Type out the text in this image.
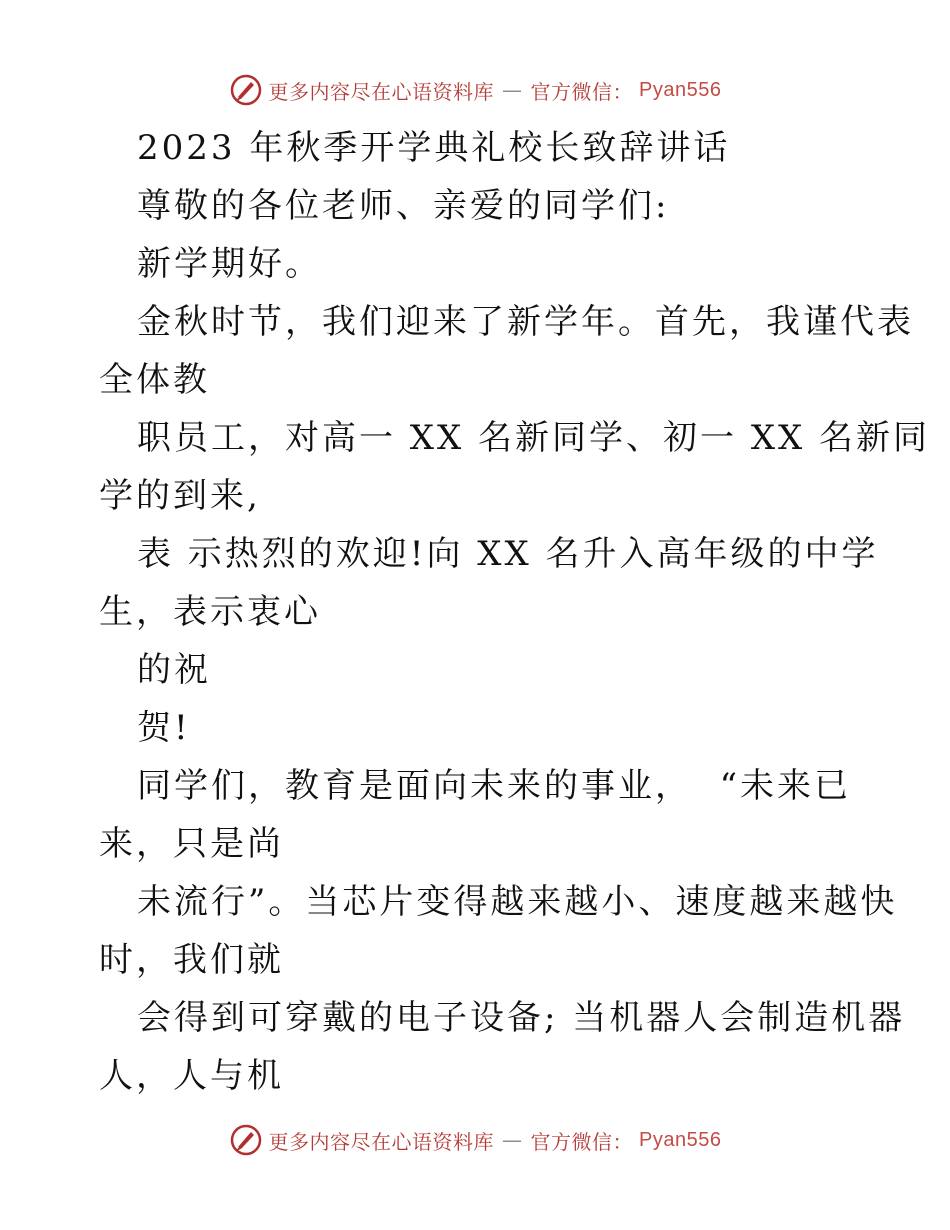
更多内容尽在心语资料库 — 官方微信： Pyan556
2023 年秋季开学典礼校长致辞讲话
尊敬的各位老师、亲爱的同学们:
新学期好。
金秋时节，我们迎来了新学年。首先，我谨代表
全体教
职员工，对高一 XX 名新同学、初一 XX 名新同
学的到来,
表 示热烈的欢迎!向 XX 名升入高年级的中学
生，表示衷心
的祝
贺!
同学们，教育是面向未来的事业，  “未来已
来，只是尚
未流行”。当芯片变得越来越小、速度越来越快
时，我们就
会得到可穿戴的电子设备; 当机器人会制造机器
人，人与机
更多内容尽在心语资料库 — 官方微信： Pyan556
